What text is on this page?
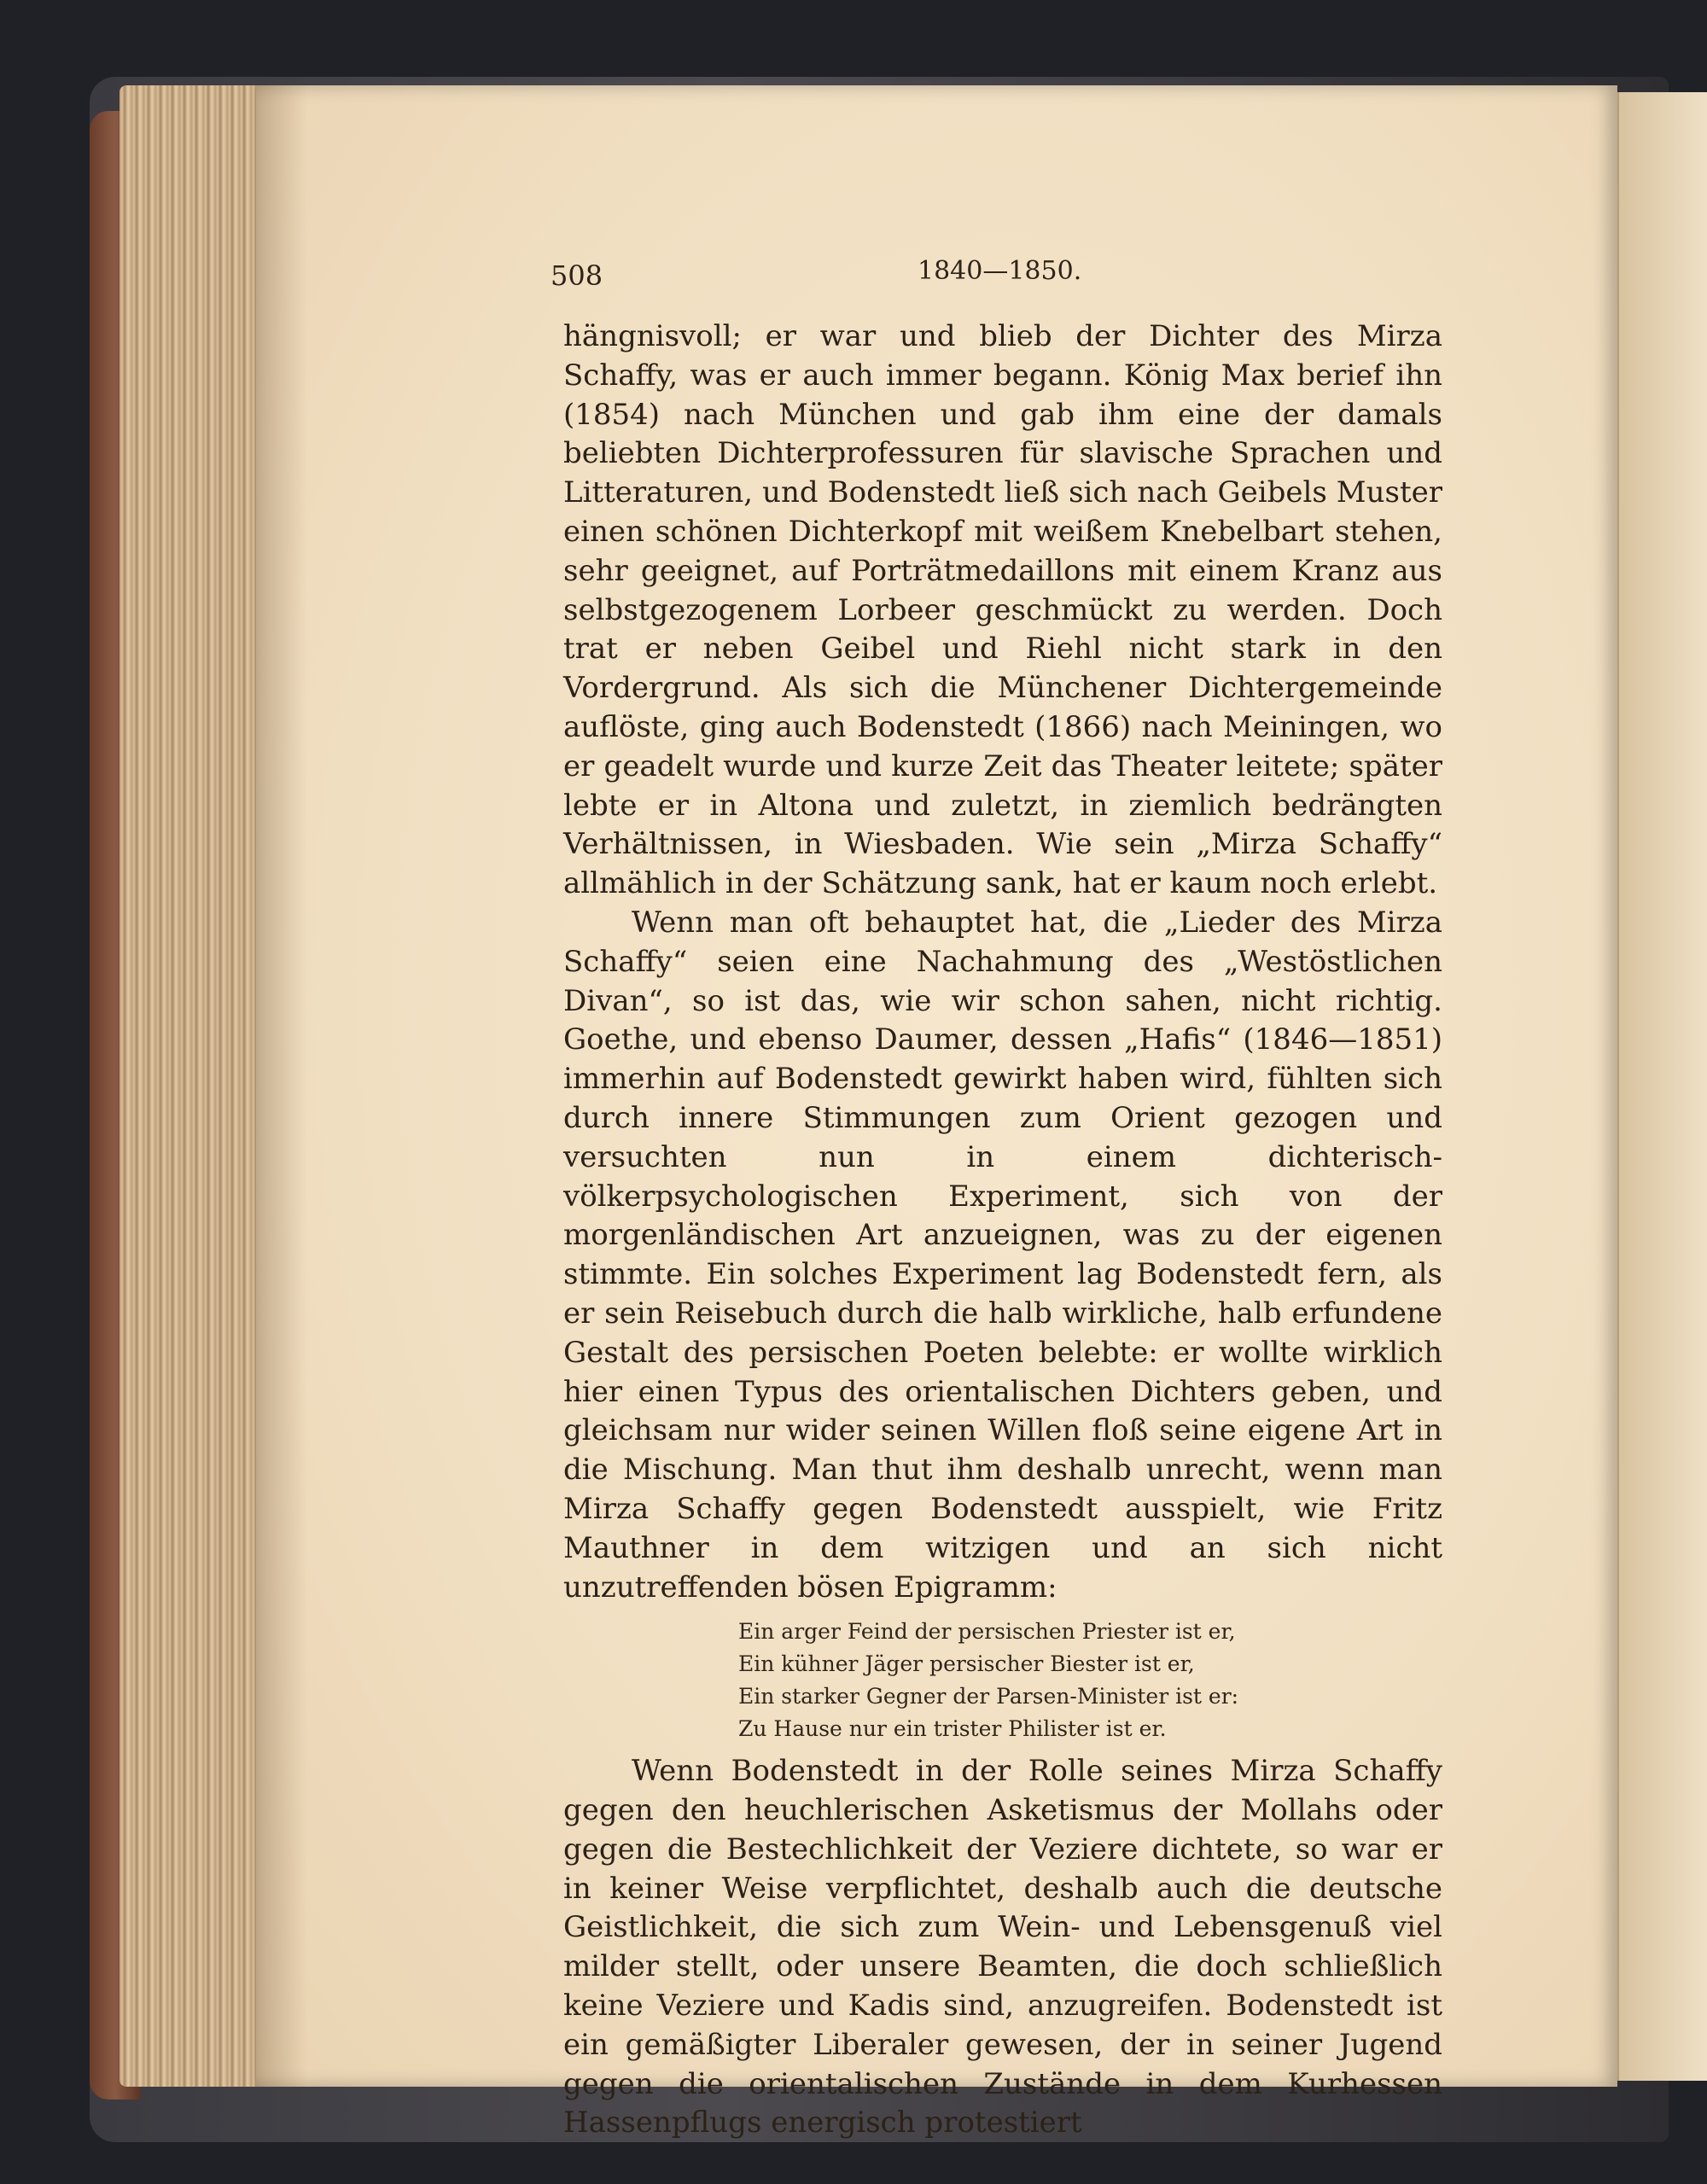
508	1840—1850.

hängnisvoll; er war und blieb der Dichter des Mirza Schaffy, was er auch immer begann. König Max berief ihn (1854) nach München und gab ihm eine der damals beliebten Dichterprofessuren für slavische Sprachen und Litteraturen, und Bodenstedt ließ sich nach Geibels Muster einen schönen Dichterkopf mit weißem Knebelbart stehen, sehr geeignet, auf Porträtmedaillons mit einem Kranz aus selbstgezogenem Lorbeer geschmückt zu werden. Doch trat er neben Geibel und Riehl nicht stark in den Vordergrund. Als sich die Münchener Dichtergemeinde auflöste, ging auch Bodenstedt (1866) nach Meiningen, wo er geadelt wurde und kurze Zeit das Theater leitete; später lebte er in Altona und zuletzt, in ziemlich bedrängten Verhältnissen, in Wiesbaden. Wie sein „Mirza Schaffy“ allmählich in der Schätzung sank, hat er kaum noch erlebt.

Wenn man oft behauptet hat, die „Lieder des Mirza Schaffy“ seien eine Nachahmung des „Westöstlichen Divan“, so ist das, wie wir schon sahen, nicht richtig. Goethe, und ebenso Daumer, dessen „Hafis“ (1846—1851) immerhin auf Bodenstedt gewirkt haben wird, fühlten sich durch innere Stimmungen zum Orient gezogen und versuchten nun in einem dichterisch-völkerpsychologischen Experiment, sich von der morgenländischen Art anzueignen, was zu der eigenen stimmte. Ein solches Experiment lag Bodenstedt fern, als er sein Reisebuch durch die halb wirkliche, halb erfundene Gestalt des persischen Poeten belebte: er wollte wirklich hier einen Typus des orientalischen Dichters geben, und gleichsam nur wider seinen Willen floß seine eigene Art in die Mischung. Man thut ihm deshalb unrecht, wenn man Mirza Schaffy gegen Bodenstedt ausspielt, wie Fritz Mauthner in dem witzigen und an sich nicht unzutreffenden bösen Epigramm:

Ein arger Feind der persischen Priester ist er,
Ein kühner Jäger persischer Biester ist er,
Ein starker Gegner der Parsen-Minister ist er:
Zu Hause nur ein trister Philister ist er.

Wenn Bodenstedt in der Rolle seines Mirza Schaffy gegen den heuchlerischen Asketismus der Mollahs oder gegen die Bestechlichkeit der Veziere dichtete, so war er in keiner Weise verpflichtet, deshalb auch die deutsche Geistlichkeit, die sich zum Wein- und Lebensgenuß viel milder stellt, oder unsere Beamten, die doch schließlich keine Veziere und Kadis sind, anzugreifen. Bodenstedt ist ein gemäßigter Liberaler gewesen, der in seiner Jugend gegen die orientalischen Zustände in dem Kurhessen Hassenpflugs energisch protestiert
